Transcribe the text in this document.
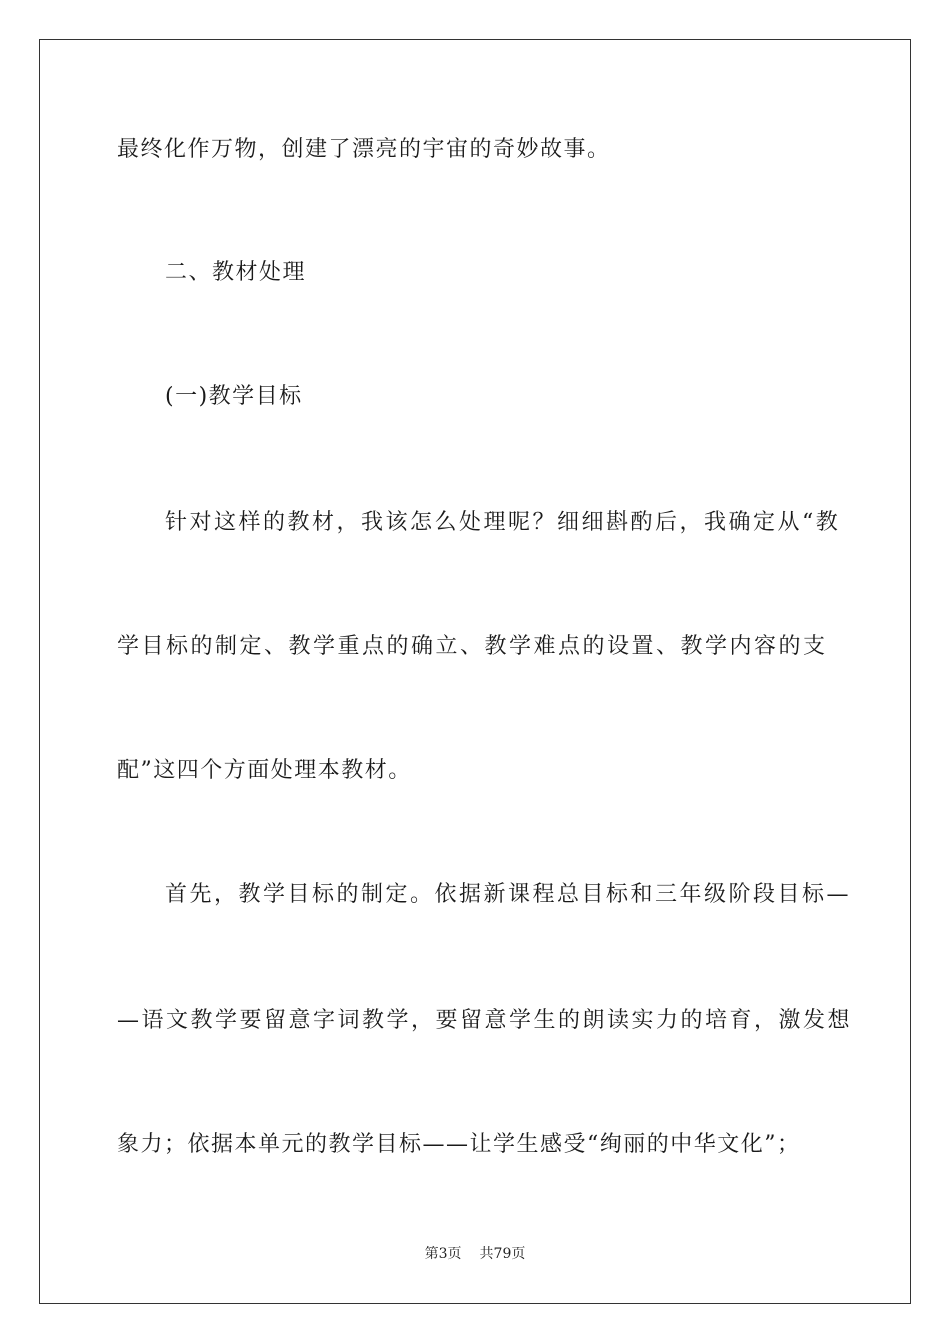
最终化作万物，创建了漂亮的宇宙的奇妙故事。
二、教材处理
(一)教学目标
针对这样的教材，我该怎么处理呢？细细斟酌后，我确定从“教
学目标的制定、教学重点的确立、教学难点的设置、教学内容的支
配”这四个方面处理本教材。
首先，教学目标的制定。依据新课程总目标和三年级阶段目标—
—语文教学要留意字词教学，要留意学生的朗读实力的培育，激发想
象力；依据本单元的教学目标——让学生感受“绚丽的中华文化”；
第3页 共79页
